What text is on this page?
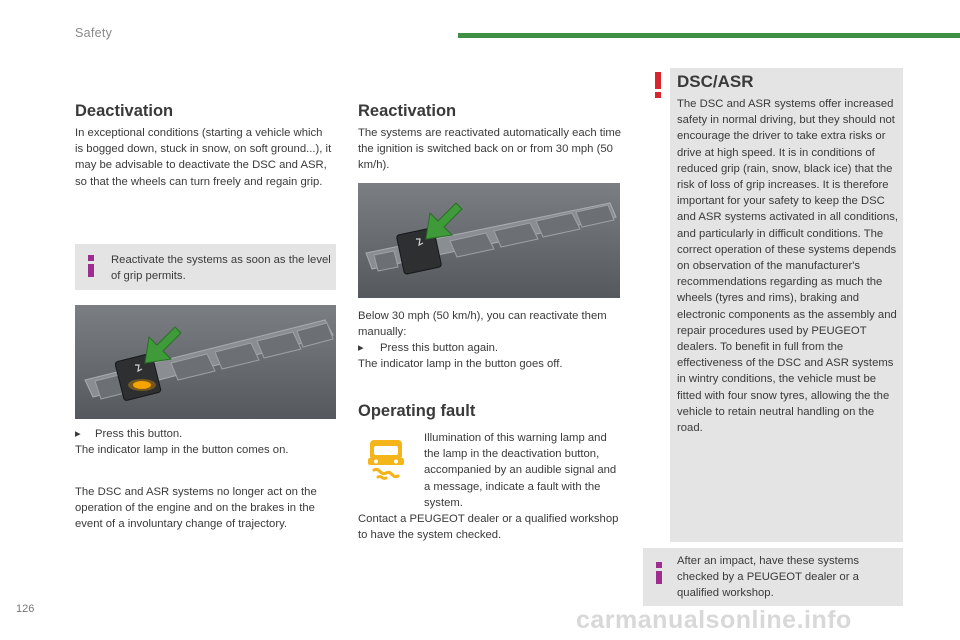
Safety
Deactivation

In exceptional conditions (starting a vehicle which is bogged down, stuck in snow, on soft ground...), it may be advisable to deactivate the DSC and ASR, so that the wheels can turn freely and regain grip.

Reactivate the systems as soon as the level of grip permits.

▸ Press this button.

The indicator lamp in the button comes on.

The DSC and ASR systems no longer act on the operation of the engine and on the brakes in the event of a involuntary change of trajectory.

Reactivation

The systems are reactivated automatically each time the ignition is switched back on or from 30 mph (50 km/h).

Below 30 mph (50 km/h), you can reactivate them manually:

▸ Press this button again.

The indicator lamp in the button goes off.

Operating fault

Illumination of this warning lamp and the lamp in the deactivation button, accompanied by an audible signal and a message, indicate a fault with the system.

Contact a PEUGEOT dealer or a qualified workshop to have the system checked.

DSC/ASR

The DSC and ASR systems offer increased safety in normal driving, but they should not encourage the driver to take extra risks or drive at high speed. It is in conditions of reduced grip (rain, snow, black ice) that the risk of loss of grip increases. It is therefore important for your safety to keep the DSC and ASR systems activated in all conditions, and particularly in difficult conditions. The correct operation of these systems depends on observation of the manufacturer's recommendations regarding as much the wheels (tyres and rims), braking and electronic components as the assembly and repair procedures used by PEUGEOT dealers. To benefit in full from the effectiveness of the DSC and ASR systems in wintry conditions, the vehicle must be fitted with four snow tyres, allowing the the vehicle to retain neutral handling on the road.

After an impact, have these systems checked by a PEUGEOT dealer or a qualified workshop.
126	carmanualsonline.info
